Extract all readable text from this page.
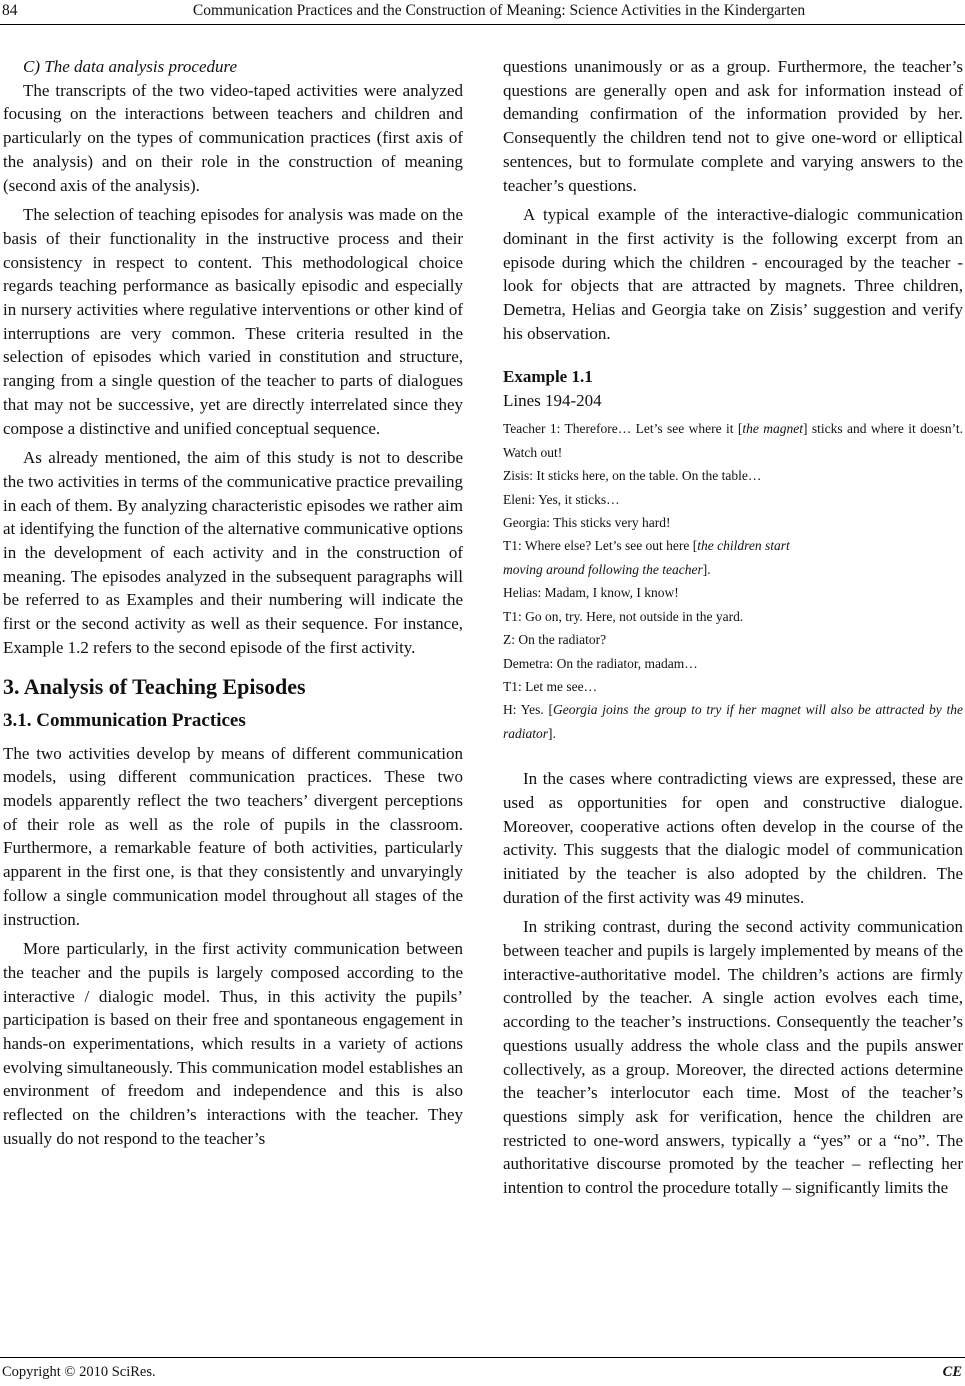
84	Communication Practices and the Construction of Meaning: Science Activities in the Kindergarten

C) The data analysis procedure

The transcripts of the two video-taped activities were analyzed focusing on the interactions between teachers and children and particularly on the types of communication practices (first axis of the analysis) and on their role in the construction of meaning (second axis of the analysis).

The selection of teaching episodes for analysis was made on the basis of their functionality in the instructive process and their consistency in respect to content. This methodological choice regards teaching performance as basically episodic and especially in nursery activities where regulative interventions or other kind of interruptions are very common. These criteria resulted in the selection of episodes which varied in constitution and structure, ranging from a single question of the teacher to parts of dialogues that may not be successive, yet are directly interrelated since they compose a distinctive and unified conceptual sequence.

As already mentioned, the aim of this study is not to describe the two activities in terms of the communicative practice prevailing in each of them. By analyzing characteristic episodes we rather aim at identifying the function of the alternative communicative options in the development of each activity and in the construction of meaning. The episodes analyzed in the subsequent paragraphs will be referred to as Examples and their numbering will indicate the first or the second activity as well as their sequence. For instance, Example 1.2 refers to the second episode of the first activity.

3. Analysis of Teaching Episodes
3.1. Communication Practices

The two activities develop by means of different communication models, using different communication practices. These two models apparently reflect the two teachers’ divergent perceptions of their role as well as the role of pupils in the classroom. Furthermore, a remarkable feature of both activities, particularly apparent in the first one, is that they consistently and unvaryingly follow a single communication model throughout all stages of the instruction.

More particularly, in the first activity communication between the teacher and the pupils is largely composed according to the interactive / dialogic model. Thus, in this activity the pupils’ participation is based on their free and spontaneous engagement in hands-on experimentations, which results in a variety of actions evolving simultaneously. This communication model establishes an environment of freedom and independence and this is also reflected on the children’s interactions with the teacher. They usually do not respond to the teacher’s

questions unanimously or as a group. Furthermore, the teacher’s questions are generally open and ask for information instead of demanding confirmation of the information provided by her. Consequently the children tend not to give one-word or elliptical sentences, but to formulate complete and varying answers to the teacher’s questions.

A typical example of the interactive-dialogic communication dominant in the first activity is the following excerpt from an episode during which the children - encouraged by the teacher - look for objects that are attracted by magnets. Three children, Demetra, Helias and Georgia take on Zisis’ suggestion and verify his observation.

Example 1.1
Lines 194-204

Teacher 1: Therefore… Let’s see where it [the magnet] sticks and where it doesn’t. Watch out!

Zisis: It sticks here, on the table. On the table…

Eleni: Yes, it sticks…

Georgia: This sticks very hard!

T1: Where else? Let’s see out here [the children start
moving around following the teacher].

Helias: Madam, I know, I know!

T1: Go on, try. Here, not outside in the yard.

Z: On the radiator?

Demetra: On the radiator, madam…

T1: Let me see…

H: Yes. [Georgia joins the group to try if her magnet will also be attracted by the radiator].

In the cases where contradicting views are expressed, these are used as opportunities for open and constructive dialogue. Moreover, cooperative actions often develop in the course of the activity. This suggests that the dialogic model of communication initiated by the teacher is also adopted by the children. The duration of the first activity was 49 minutes.

In striking contrast, during the second activity communication between teacher and pupils is largely implemented by means of the interactive-authoritative model. The children’s actions are firmly controlled by the teacher. A single action evolves each time, according to the teacher’s instructions. Consequently the teacher’s questions usually address the whole class and the pupils answer collectively, as a group. Moreover, the directed actions determine the teacher’s interlocutor each time. Most of the teacher’s questions simply ask for verification, hence the children are restricted to one-word answers, typically a “yes” or a “no”. The authoritative discourse promoted by the teacher – reflecting her intention to control the procedure totally – significantly limits the

Copyright © 2010 SciRes.	CE
